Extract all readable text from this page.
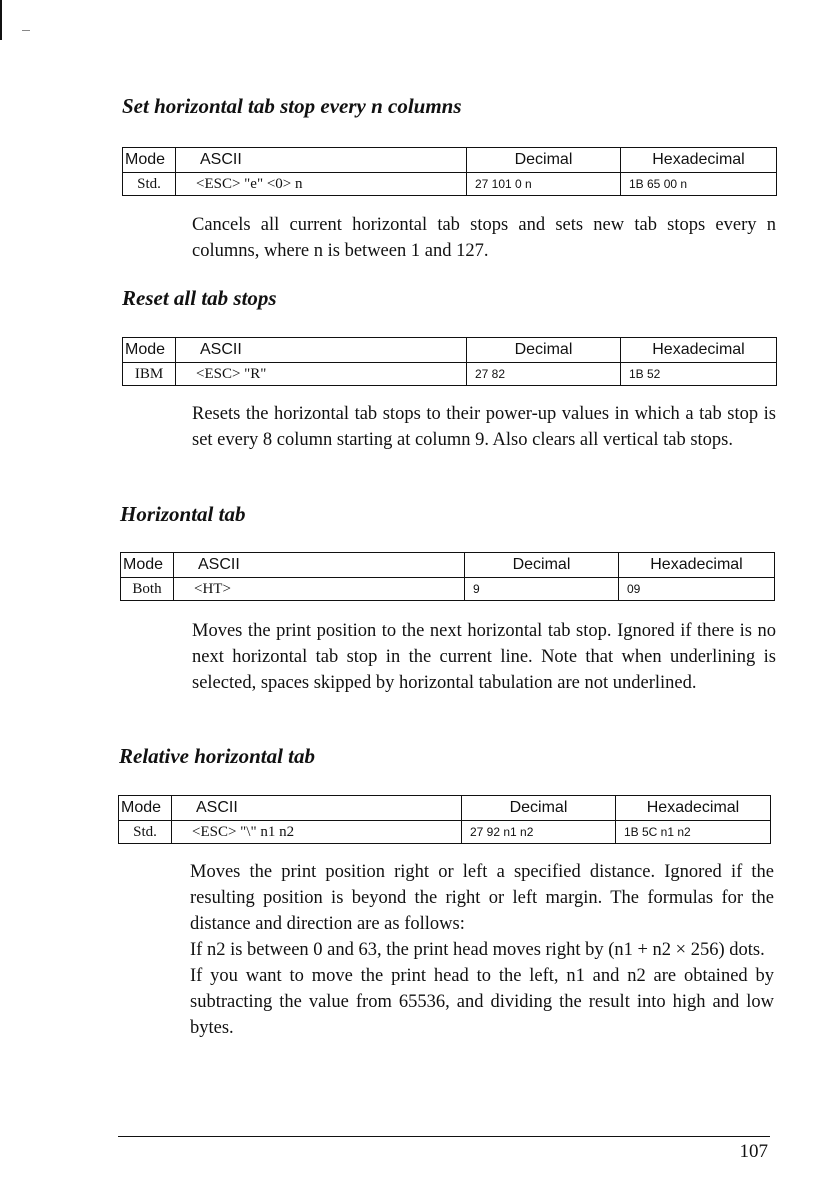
Set horizontal tab stop every n columns
Mode	ASCII	Decimal	Hexadecimal
Std.	<ESC> "e" <0> n	27 101 0 n	1B 65 00 n

Cancels all current horizontal tab stops and sets new tab stops every n columns, where n is between 1 and 127.

Reset all tab stops
Mode	ASCII	Decimal	Hexadecimal
IBM	<ESC> "R"	27 82	1B 52

Resets the horizontal tab stops to their power-up values in which a tab stop is set every 8 column starting at column 9. Also clears all vertical tab stops.

Horizontal tab
Mode	ASCII	Decimal	Hexadecimal
Both	<HT>	9	09

Moves the print position to the next horizontal tab stop. Ignored if there is no next horizontal tab stop in the current line. Note that when underlining is selected, spaces skipped by horizontal tabulation are not underlined.

Relative horizontal tab
Mode	ASCII	Decimal	Hexadecimal
Std.	<ESC> "\" n1 n2	27 92 n1 n2	1B 5C n1 n2

Moves the print position right or left a specified distance. Ignored if the resulting position is beyond the right or left margin. The formulas for the distance and direction are as follows:

If n2 is between 0 and 63, the print head moves right by (n1 + n2 × 256) dots.

If you want to move the print head to the left, n1 and n2 are obtained by subtracting the value from 65536, and dividing the result into high and low bytes.

107
